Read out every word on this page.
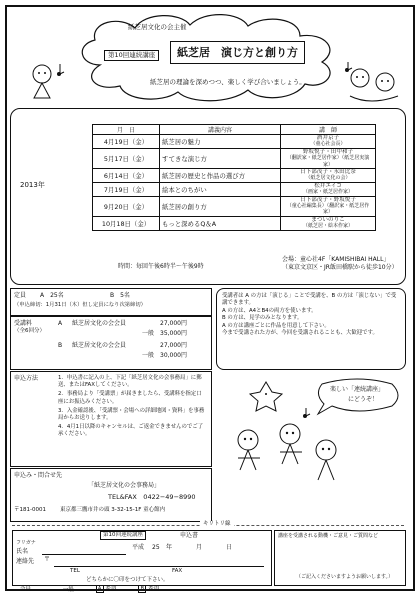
紙芝居文化の会主催
第10回連続講座	紙芝居　演じ方と創り方
紙芝居の理論を深めつつ、楽しく学び合いましょう。
2013年
月　日	講義内容	講　師
4月19日（金）	紙芝居の魅力	酒井京子
（童心社会長）

5月17日（金）	すてきな演じ方	野坂悦子・田中和子
（翻訳家・紙芝居作家）（紙芝居実演家）

6月14日（金）	紙芝居の歴史と作品の選び方	日下部茂子・永田比奈
（紙芝居文化の会）

7月19日（金）	絵本とのちがい	松井エイコ
（画家・紙芝居作家）

9月20日（金）	紙芝居の創り方	日下部茂子・野坂悦子
（童心社編集長）（翻訳家・紙芝居作家）

10月18日（金）	もっと深めるQ＆A	まついのりこ
（紙芝居・絵本作家）
時間：毎回午後6時半〜午後9時
会場：童心社4F「KAMISHIBAI HALL」
（東京文京区・JR飯田橋駅から徒歩10分）
定員 A　25名	B　5名
（申込締切：1月31日（木）但し定員になり次第締切）
受講料
（全6回分）
A 紙芝居文化の会会員	27,000円
一般 35,000円
B 紙芝居文化の会会員	27,000円
一般 30,000円
申込方法	1．申込書に記入の上、下記「紙芝居文化の会事務局」に郵送、またはFAXしてください。
2．事務局より「受講票」が届きましたら、受講料を指定口座にお振込みください。
3．入金確認後、「受講票・会場への詳細地図・資料」を事務局からお送りします。
4．4月1日以降のキャンセルは、ご返金できませんのでご了承ください。
申込み・問合せ先
「紙芝居文化の会事務局」
TEL&FAX　0422−49−8990
〒181-0001	東京都三鷹市井の頭 3-32-15-1F 童心館内
受講者は A の方は「演じる」ことで受講を、B の方は「演じない」で受講できます。
A の方は、A4とB4の両方を使います。
B の方は、見学のみとなります。
A の方は講座ごとに作品を用意して下さい。
今まで受講された方が、今回を受講されることも、大歓迎です。
楽しい「連続講座」
にどうぞ！
キリトリ線
第10回連続講座	申込書
フリガナ
氏名
平成 25 年	月	日
連絡先 〒
TEL	FAX
どちらかに〇印をつけて下さい。
会員	一般	A 希望	B 希望
講座を受講される動機・ご意見・ご質問など
（ご記入くださいますようお願いします。）
